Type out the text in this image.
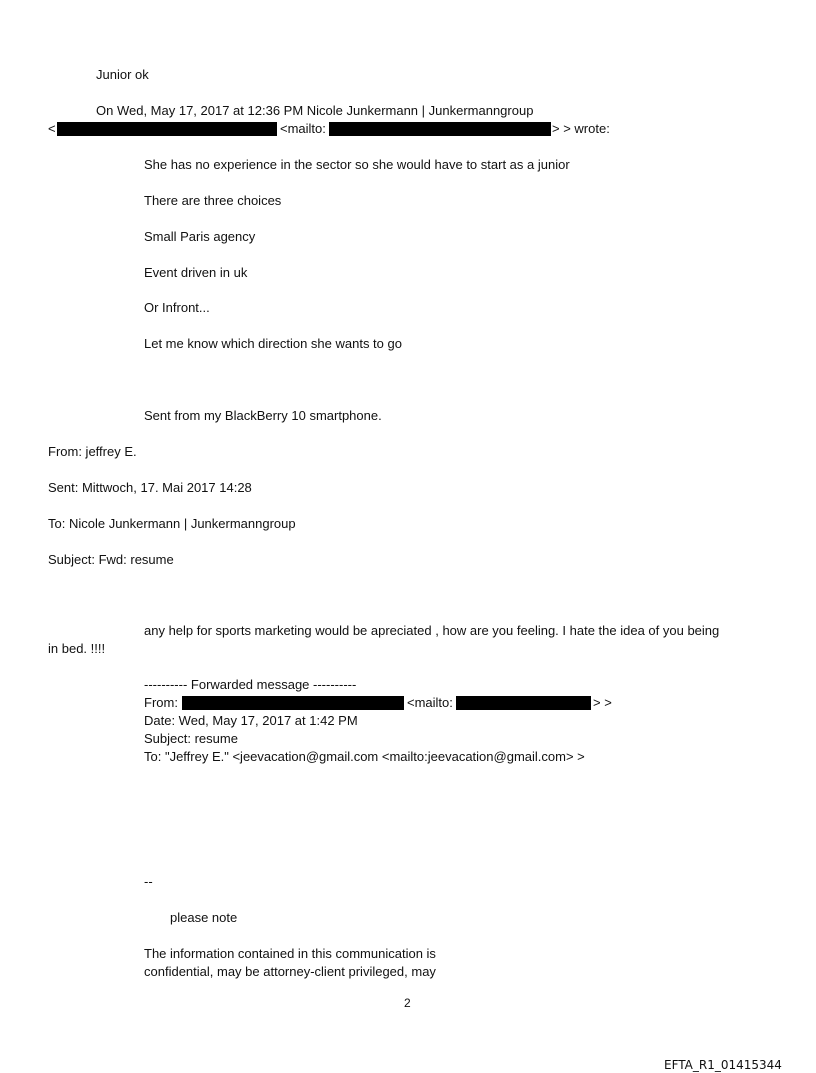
Junior ok
On Wed, May 17, 2017 at 12:36 PM Nicole Junkermann | Junkermanngroup
<	<mailto:	> > wrote:
She has no experience in the sector so she would have to start as a junior
There are three choices
Small Paris agency
Event driven in uk
Or Infront...
Let me know which direction she wants to go
Sent from my BlackBerry 10 smartphone.
From: jeffrey E.
Sent: Mittwoch, 17. Mai 2017 14:28
To: Nicole Junkermann | Junkermanngroup
Subject: Fwd: resume
any help for sports marketing would be apreciated , how are you feeling. I hate the idea of you being
in bed. !!!!
---------- Forwarded message ----------
From:	<mailto:	> >
Date: Wed, May 17, 2017 at 1:42 PM
Subject: resume
To: "Jeffrey E." <jeevacation@gmail.com <mailto:jeevacation@gmail.com> >
--
please note
The information contained in this communication is
confidential, may be attorney-client privileged, may
2
EFTA_R1_01415344
